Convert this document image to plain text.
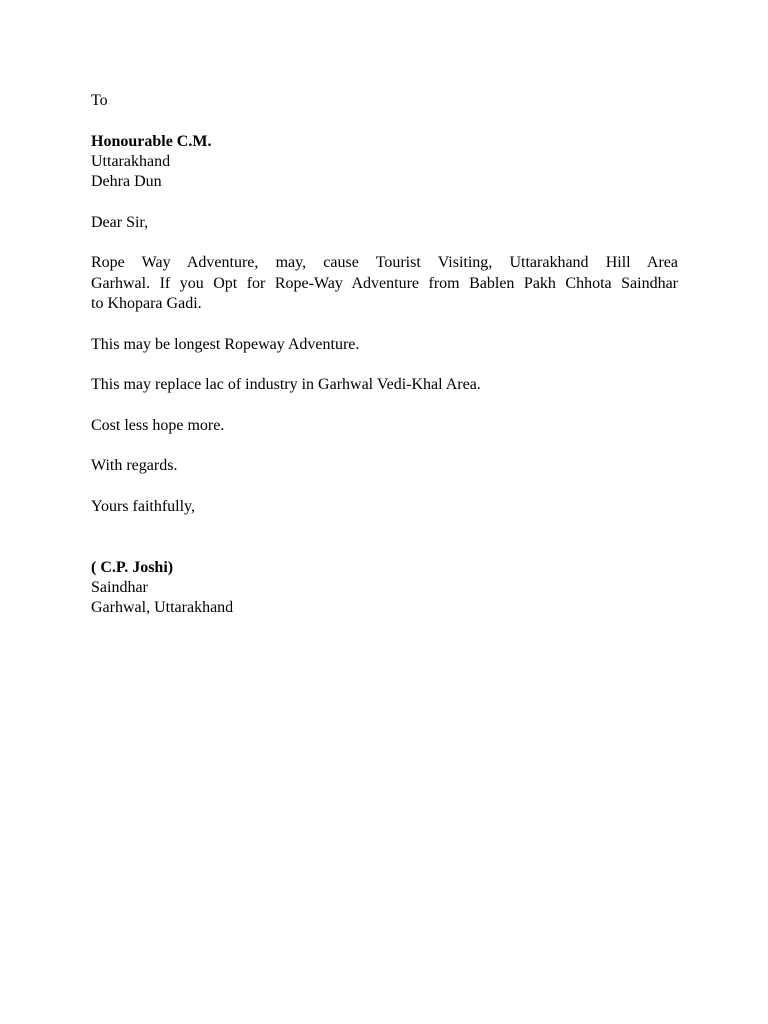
To

Honourable C.M.
Uttarakhand
Dehra Dun

Dear Sir,

Rope Way Adventure, may, cause Tourist Visiting, Uttarakhand Hill Area
Garhwal. If you Opt for Rope-Way Adventure from Bablen Pakh Chhota Saindhar
to Khopara Gadi.

This may be longest Ropeway Adventure.

This may replace lac of industry in Garhwal Vedi-Khal Area.

Cost less hope more.

With regards.

Yours faithfully,

( C.P. Joshi)
Saindhar
Garhwal, Uttarakhand
